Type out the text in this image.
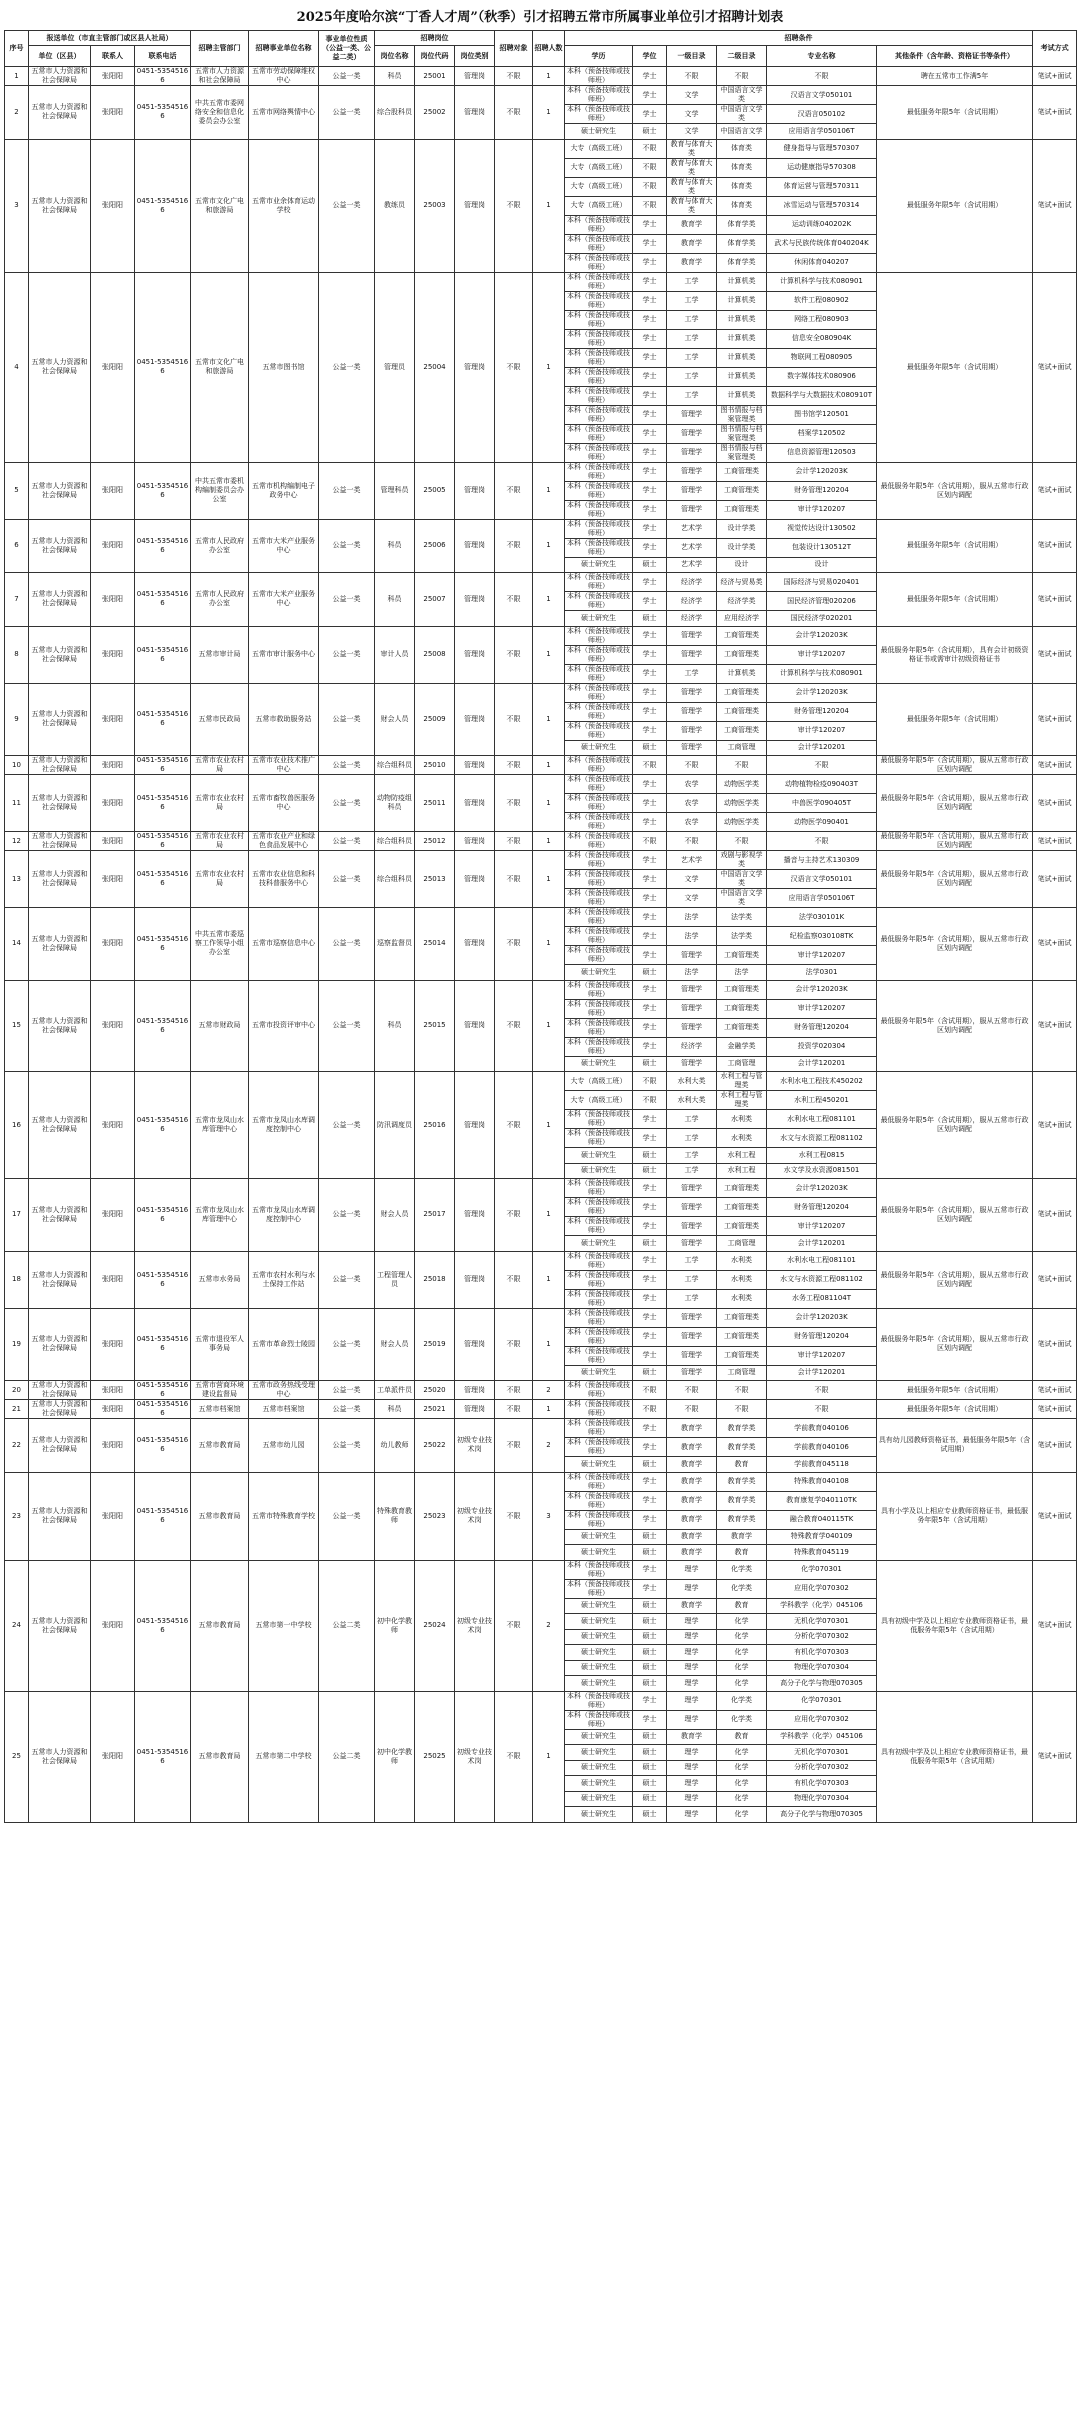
2025年度哈尔滨“丁香人才周”（秋季）引才招聘五常市所属事业单位引才招聘计划表
序号	报送单位（市直主管部门或区县人社局）			招聘主管部门	招聘事业单位名称	事业单位性质（公益一类、公益二类）	招聘岗位			招聘对象	招聘人数	招聘条件						考试方式
	单位（区县）	联系人	联系电话				岗位名称	岗位代码	岗位类别			学历	学位	一级目录	二级目录	专业名称	其他条件（含年龄、资格证书等条件）	
1	五常市人力资源和社会保障局	张阳阳	0451-53545166	五常市人力资源和社会保障局	五常市劳动保障维权中心	公益一类	科员	25001	管理岗	不限	1	本科（预备技师或技师班）	学士	不限	不限	不限	聘在五常市工作满5年	笔试+面试
2	五常市人力资源和社会保障局	张阳阳	0451-53545166	中共五常市委网络安全和信息化委员会办公室	五常市网络舆情中心	公益一类	综合股科员	25002	管理岗	不限	1	本科（预备技师或技师班）	学士	文学	中国语言文学类	汉语言文学050101	最低服务年限5年（含试用期）	笔试+面试
												本科（预备技师或技师班）	学士	文学	中国语言文学类	汉语言050102		
												硕士研究生	硕士	文学	中国语言文学	应用语言学050106T		
3	五常市人力资源和社会保障局	张阳阳	0451-53545166	五常市文化广电和旅游局	五常市业余体育运动学校	公益一类	教练员	25003	管理岗	不限	1	大专（高级工班）	不限	教育与体育大类	体育类	健身指导与管理570307	最低服务年限5年（含试用期）	笔试+面试
												大专（高级工班）	不限	教育与体育大类	体育类	运动健康指导570308		
												大专（高级工班）	不限	教育与体育大类	体育类	体育运营与管理570311		
												大专（高级工班）	不限	教育与体育大类	体育类	冰雪运动与管理570314		
												本科（预备技师或技师班）	学士	教育学	体育学类	运动训练040202K		
												本科（预备技师或技师班）	学士	教育学	体育学类	武术与民族传统体育040204K		
												本科（预备技师或技师班）	学士	教育学	体育学类	休闲体育040207		
4	五常市人力资源和社会保障局	张阳阳	0451-53545166	五常市文化广电和旅游局	五常市图书馆	公益一类	管理员	25004	管理岗	不限	1	本科（预备技师或技师班）	学士	工学	计算机类	计算机科学与技术080901	最低服务年限5年（含试用期）	笔试+面试
												本科（预备技师或技师班）	学士	工学	计算机类	软件工程080902		
												本科（预备技师或技师班）	学士	工学	计算机类	网络工程080903		
												本科（预备技师或技师班）	学士	工学	计算机类	信息安全080904K		
												本科（预备技师或技师班）	学士	工学	计算机类	物联网工程080905		
												本科（预备技师或技师班）	学士	工学	计算机类	数字媒体技术080906		
												本科（预备技师或技师班）	学士	工学	计算机类	数据科学与大数据技术080910T		
												本科（预备技师或技师班）	学士	管理学	图书情报与档案管理类	图书馆学120501		
												本科（预备技师或技师班）	学士	管理学	图书情报与档案管理类	档案学120502		
												本科（预备技师或技师班）	学士	管理学	图书情报与档案管理类	信息资源管理120503		
5	五常市人力资源和社会保障局	张阳阳	0451-53545166	中共五常市委机构编制委员会办公室	五常市机构编制电子政务中心	公益一类	管理科员	25005	管理岗	不限	1	本科（预备技师或技师班）	学士	管理学	工商管理类	会计学120203K	最低服务年限5年（含试用期），服从五常市行政区划内调配	笔试+面试
												本科（预备技师或技师班）	学士	管理学	工商管理类	财务管理120204		
												本科（预备技师或技师班）	学士	管理学	工商管理类	审计学120207		
6	五常市人力资源和社会保障局	张阳阳	0451-53545166	五常市人民政府办公室	五常市大米产业服务中心	公益一类	科员	25006	管理岗	不限	1	本科（预备技师或技师班）	学士	艺术学	设计学类	视觉传达设计130502	最低服务年限5年（含试用期）	笔试+面试
												本科（预备技师或技师班）	学士	艺术学	设计学类	包装设计130512T		
												硕士研究生	硕士	艺术学	设计	设计		
7	五常市人力资源和社会保障局	张阳阳	0451-53545166	五常市人民政府办公室	五常市大米产业服务中心	公益一类	科员	25007	管理岗	不限	1	本科（预备技师或技师班）	学士	经济学	经济与贸易类	国际经济与贸易020401	最低服务年限5年（含试用期）	笔试+面试
												本科（预备技师或技师班）	学士	经济学	经济学类	国民经济管理020206		
												硕士研究生	硕士	经济学	应用经济学	国民经济学020201		
8	五常市人力资源和社会保障局	张阳阳	0451-53545166	五常市审计局	五常市审计服务中心	公益一类	审计人员	25008	管理岗	不限	1	本科（预备技师或技师班）	学士	管理学	工商管理类	会计学120203K	最低服务年限5年（含试用期），具有会计初级资格证书或需审计初级资格证书	笔试+面试
												本科（预备技师或技师班）	学士	管理学	工商管理类	审计学120207		
												本科（预备技师或技师班）	学士	工学	计算机类	计算机科学与技术080901		
9	五常市人力资源和社会保障局	张阳阳	0451-53545166	五常市民政局	五常市救助服务站	公益一类	财会人员	25009	管理岗	不限	1	本科（预备技师或技师班）	学士	管理学	工商管理类	会计学120203K	最低服务年限5年（含试用期）	笔试+面试
												本科（预备技师或技师班）	学士	管理学	工商管理类	财务管理120204		
												本科（预备技师或技师班）	学士	管理学	工商管理类	审计学120207		
												硕士研究生	硕士	管理学	工商管理	会计学120201		
10	五常市人力资源和社会保障局	张阳阳	0451-53545166	五常市农业农村局	五常市农业技术推广中心	公益一类	综合组科员	25010	管理岗	不限	1	本科（预备技师或技师班）	不限	不限	不限	不限	最低服务年限5年（含试用期），服从五常市行政区划内调配	笔试+面试
11	五常市人力资源和社会保障局	张阳阳	0451-53545166	五常市农业农村局	五常市畜牧兽医服务中心	公益一类	动物防疫组科员	25011	管理岗	不限	1	本科（预备技师或技师班）	学士	农学	动物医学类	动物植物检疫090403T	最低服务年限5年（含试用期），服从五常市行政区划内调配	笔试+面试
												本科（预备技师或技师班）	学士	农学	动物医学类	中兽医学090405T		
												本科（预备技师或技师班）	学士	农学	动物医学类	动物医学090401		
12	五常市人力资源和社会保障局	张阳阳	0451-53545166	五常市农业农村局	五常市农业产业和绿色食品发展中心	公益一类	综合组科员	25012	管理岗	不限	1	本科（预备技师或技师班）	不限	不限	不限	不限	最低服务年限5年（含试用期），服从五常市行政区划内调配	笔试+面试
13	五常市人力资源和社会保障局	张阳阳	0451-53545166	五常市农业农村局	五常市农业信息和科技科普服务中心	公益一类	综合组科员	25013	管理岗	不限	1	本科（预备技师或技师班）	学士	艺术学	戏剧与影视学类	播音与主持艺术130309	最低服务年限5年（含试用期），服从五常市行政区划内调配	笔试+面试
												本科（预备技师或技师班）	学士	文学	中国语言文学类	汉语言文学050101		
												本科（预备技师或技师班）	学士	文学	中国语言文学类	应用语言学050106T		
14	五常市人力资源和社会保障局	张阳阳	0451-53545166	中共五常市委巡察工作领导小组办公室	五常市巡察信息中心	公益一类	巡察监督员	25014	管理岗	不限	1	本科（预备技师或技师班）	学士	法学	法学类	法学030101K	最低服务年限5年（含试用期），服从五常市行政区划内调配	笔试+面试
												本科（预备技师或技师班）	学士	法学	法学类	纪检监察030108TK		
												本科（预备技师或技师班）	学士	管理学	工商管理类	审计学120207		
												硕士研究生	硕士	法学	法学	法学0301		
15	五常市人力资源和社会保障局	张阳阳	0451-53545166	五常市财政局	五常市投资评审中心	公益一类	科员	25015	管理岗	不限	1	本科（预备技师或技师班）	学士	管理学	工商管理类	会计学120203K	最低服务年限5年（含试用期），服从五常市行政区划内调配	笔试+面试
												本科（预备技师或技师班）	学士	管理学	工商管理类	审计学120207		
												本科（预备技师或技师班）	学士	管理学	工商管理类	财务管理120204		
												本科（预备技师或技师班）	学士	经济学	金融学类	投资学020304		
												硕士研究生	硕士	管理学	工商管理	会计学120201		
16	五常市人力资源和社会保障局	张阳阳	0451-53545166	五常市龙凤山水库管理中心	五常市龙凤山水库调度控制中心	公益一类	防汛调度员	25016	管理岗	不限	1	大专（高级工班）	不限	水利大类	水利工程与管理类	水利水电工程技术450202	最低服务年限5年（含试用期），服从五常市行政区划内调配	笔试+面试
												大专（高级工班）	不限	水利大类	水利工程与管理类	水利工程450201		
												本科（预备技师或技师班）	学士	工学	水利类	水利水电工程081101		
												本科（预备技师或技师班）	学士	工学	水利类	水文与水资源工程081102		
												硕士研究生	硕士	工学	水利工程	水利工程0815		
												硕士研究生	硕士	工学	水利工程	水文学及水资源081501		
17	五常市人力资源和社会保障局	张阳阳	0451-53545166	五常市龙凤山水库管理中心	五常市龙凤山水库调度控制中心	公益一类	财会人员	25017	管理岗	不限	1	本科（预备技师或技师班）	学士	管理学	工商管理类	会计学120203K	最低服务年限5年（含试用期），服从五常市行政区划内调配	笔试+面试
												本科（预备技师或技师班）	学士	管理学	工商管理类	财务管理120204		
												本科（预备技师或技师班）	学士	管理学	工商管理类	审计学120207		
												硕士研究生	硕士	管理学	工商管理	会计学120201		
18	五常市人力资源和社会保障局	张阳阳	0451-53545166	五常市水务局	五常市农村水利与水土保持工作站	公益一类	工程管理人员	25018	管理岗	不限	1	本科（预备技师或技师班）	学士	工学	水利类	水利水电工程081101	最低服务年限5年（含试用期），服从五常市行政区划内调配	笔试+面试
												本科（预备技师或技师班）	学士	工学	水利类	水文与水资源工程081102		
												本科（预备技师或技师班）	学士	工学	水利类	水务工程081104T		
19	五常市人力资源和社会保障局	张阳阳	0451-53545166	五常市退役军人事务局	五常市革命烈士陵园	公益一类	财会人员	25019	管理岗	不限	1	本科（预备技师或技师班）	学士	管理学	工商管理类	会计学120203K	最低服务年限5年（含试用期），服从五常市行政区划内调配	笔试+面试
												本科（预备技师或技师班）	学士	管理学	工商管理类	财务管理120204		
												本科（预备技师或技师班）	学士	管理学	工商管理类	审计学120207		
												硕士研究生	硕士	管理学	工商管理	会计学120201		
20	五常市人力资源和社会保障局	张阳阳	0451-53545166	五常市营商环境建设监督局	五常市政务热线受理中心	公益一类	工单派件员	25020	管理岗	不限	2	本科（预备技师或技师班）	不限	不限	不限	不限	最低服务年限5年（含试用期）	笔试+面试
21	五常市人力资源和社会保障局	张阳阳	0451-53545166	五常市档案馆	五常市档案馆	公益一类	科员	25021	管理岗	不限	1	本科（预备技师或技师班）	不限	不限	不限	不限	最低服务年限5年（含试用期）	笔试+面试
22	五常市人力资源和社会保障局	张阳阳	0451-53545166	五常市教育局	五常市幼儿园	公益一类	幼儿教师	25022	初级专业技术岗	不限	2	本科（预备技师或技师班）	学士	教育学	教育学类	学前教育040106	具有幼儿园教师资格证书，最低服务年限5年（含试用期）	笔试+面试
												本科（预备技师或技师班）	学士	教育学	教育学类	学前教育040106		
												硕士研究生	硕士	教育学	教育	学前教育045118		
23	五常市人力资源和社会保障局	张阳阳	0451-53545166	五常市教育局	五常市特殊教育学校	公益一类	特殊教育教师	25023	初级专业技术岗	不限	3	本科（预备技师或技师班）	学士	教育学	教育学类	特殊教育040108	具有小学及以上相应专业教师资格证书，最低服务年限5年（含试用期）	笔试+面试
												本科（预备技师或技师班）	学士	教育学	教育学类	教育康复学040110TK		
												本科（预备技师或技师班）	学士	教育学	教育学类	融合教育040115TK		
												硕士研究生	硕士	教育学	教育学	特殊教育学040109		
												硕士研究生	硕士	教育学	教育	特殊教育045119		
24	五常市人力资源和社会保障局	张阳阳	0451-53545166	五常市教育局	五常市第一中学校	公益二类	初中化学教师	25024	初级专业技术岗	不限	2	本科（预备技师或技师班）	学士	理学	化学类	化学070301	具有初级中学及以上相应专业教师资格证书，最低服务年限5年（含试用期）	笔试+面试
												本科（预备技师或技师班）	学士	理学	化学类	应用化学070302		
												硕士研究生	硕士	教育学	教育	学科教学（化学）045106		
												硕士研究生	硕士	理学	化学	无机化学070301		
												硕士研究生	硕士	理学	化学	分析化学070302		
												硕士研究生	硕士	理学	化学	有机化学070303		
												硕士研究生	硕士	理学	化学	物理化学070304		
												硕士研究生	硕士	理学	化学	高分子化学与物理070305		
25	五常市人力资源和社会保障局	张阳阳	0451-53545166	五常市教育局	五常市第二中学校	公益二类	初中化学教师	25025	初级专业技术岗	不限	1	本科（预备技师或技师班）	学士	理学	化学类	化学070301	具有初级中学及以上相应专业教师资格证书，最低服务年限5年（含试用期）	笔试+面试
												本科（预备技师或技师班）	学士	理学	化学类	应用化学070302		
												硕士研究生	硕士	教育学	教育	学科教学（化学）045106		
												硕士研究生	硕士	理学	化学	无机化学070301		
												硕士研究生	硕士	理学	化学	分析化学070302		
												硕士研究生	硕士	理学	化学	有机化学070303		
												硕士研究生	硕士	理学	化学	物理化学070304		
												硕士研究生	硕士	理学	化学	高分子化学与物理070305		
